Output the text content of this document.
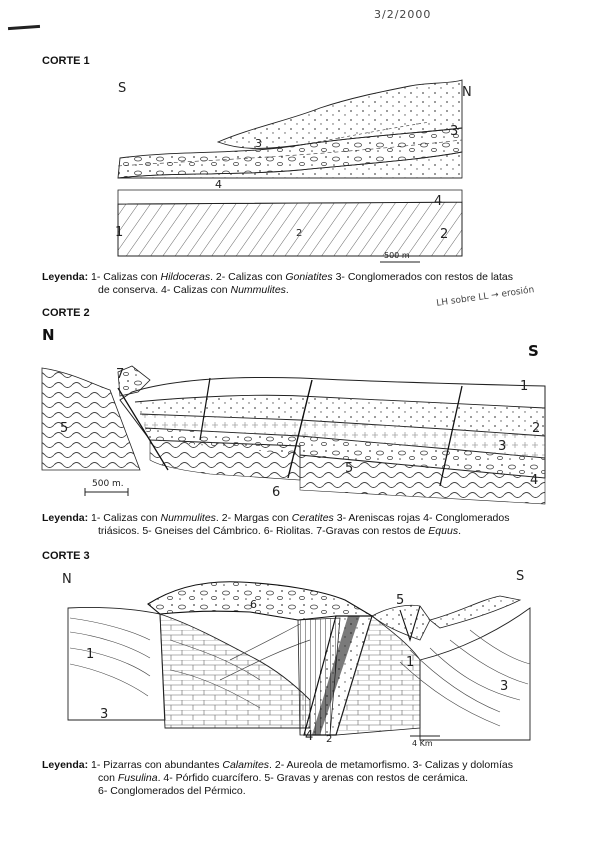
3/2/2000
CORTE 1
S	N
3
3
4
4
1	2	2
500 m
N
S
7
5
1
2
3
4
5
6
500 m.
N	S
6	5
1
1
3
3
4 2	4 Km
Leyenda: 1- Calizas con Hildoceras. 2- Calizas con Goniatites 3- Conglomerados con restos de latas
de conserva. 4- Calizas con Nummulites.	LH sobre LL → erosión
CORTE 2
Leyenda: 1- Calizas con Nummulites. 2- Margas con Ceratites 3- Areniscas rojas 4- Conglomerados
triásicos. 5- Gneises del Cámbrico. 6- Riolitas. 7-Gravas con restos de Equus.
CORTE 3
Leyenda: 1- Pizarras con abundantes Calamites. 2- Aureola de metamorfismo. 3- Calizas y dolomías
con Fusulina. 4- Pórfido cuarcífero. 5- Gravas y arenas con restos de cerámica.
6- Conglomerados del Pérmico.
